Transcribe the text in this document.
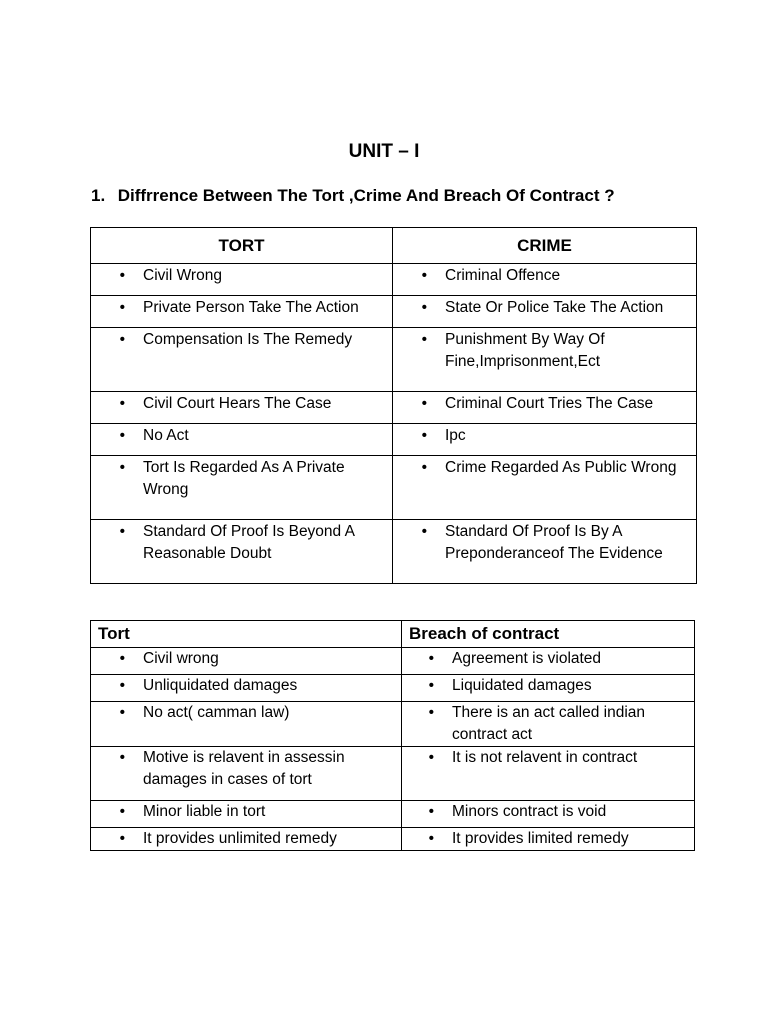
UNIT – I
1. Diffrrence Between The Tort ,Crime And Breach Of Contract ?
TORT	CRIME

• Civil Wrong	• Criminal Offence

• Private Person Take The Action	• State Or Police Take The Action

• Compensation Is The Remedy	• Punishment By Way Of Fine,Imprisonment,Ect

• Civil Court Hears The Case	• Criminal Court Tries The Case

• No Act	• Ipc

• Tort Is Regarded As A Private Wrong	• Crime Regarded As Public Wrong

• Standard Of Proof Is Beyond A Reasonable Doubt	• Standard Of Proof Is By A Preponderanceof The Evidence
Tort	Breach of contract

• Civil wrong	• Agreement is violated

• Unliquidated damages	• Liquidated damages

• No act( camman law)	• There is an act called indian contract act

• Motive is relavent in assessin damages in cases of tort	• It is not relavent in contract

• Minor liable in tort	• Minors contract is void

• It provides unlimited remedy	• It provides limited remedy
